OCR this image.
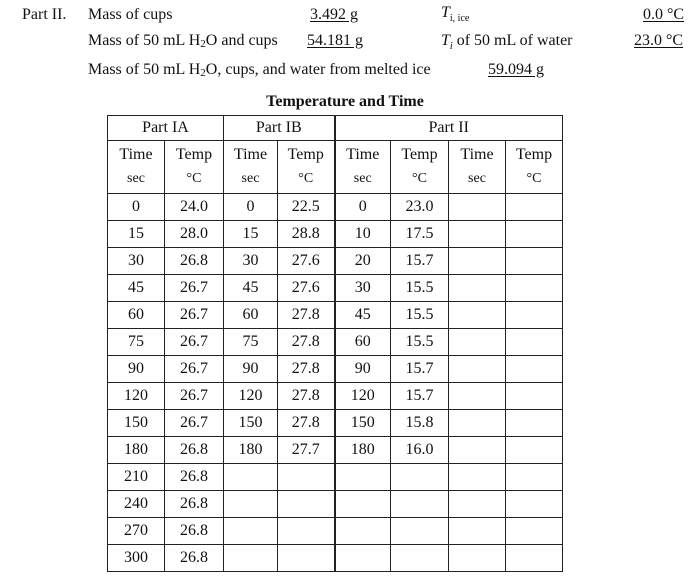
Part II. Mass of cups	3.492 g	$T_{i, ice}$	0.0 °C
Mass of 50 mL H2O and cups 54.181 g	$T_i$ of 50 mL of water	23.0 °C
Mass of 50 mL H2O, cups, and water from melted ice	59.094 g
Temperature and Time
Part IA		Part IB		Part II			
Time	Temp	Time	Temp	Time	Temp	Time	Temp
sec	°C	sec	°C	sec	°C	sec	°C
0	24.0	0	22.5	0	23.0		
15	28.0	15	28.8	10	17.5		
30	26.8	30	27.6	20	15.7		
45	26.7	45	27.6	30	15.5		
60	26.7	60	27.8	45	15.5		
75	26.7	75	27.8	60	15.5		
90	26.7	90	27.8	90	15.7		
120	26.7	120	27.8	120	15.7		
150	26.7	150	27.8	150	15.8		
180	26.8	180	27.7	180	16.0		
210	26.8						
240	26.8						
270	26.8						
300	26.8						
